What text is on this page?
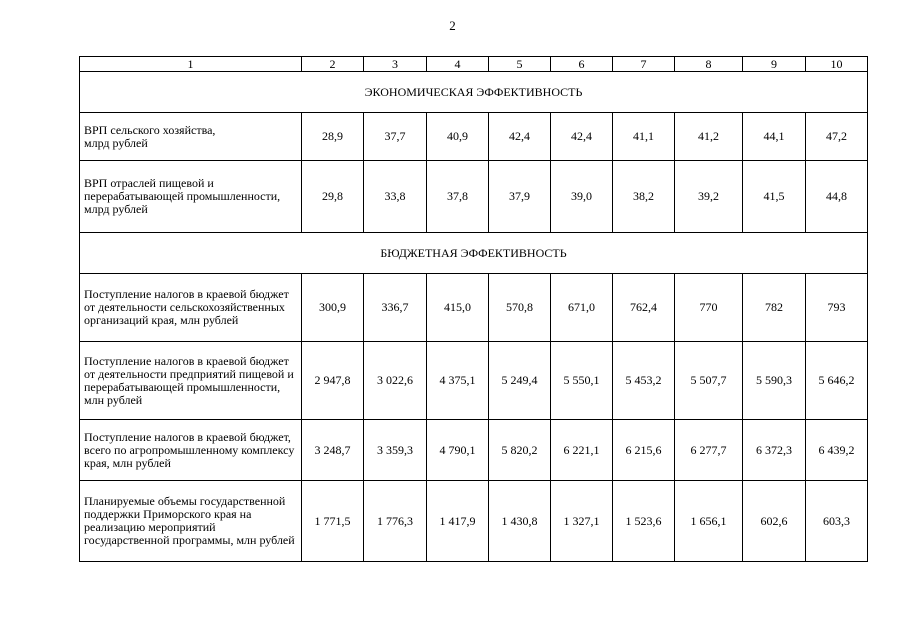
2
1	2	3	4	5	6	7	8	9	10
ЭКОНОМИЧЕСКАЯ ЭФФЕКТИВНОСТЬ									
ВРП сельского хозяйства,
млрд рублей	28,9	37,7	40,9	42,4	42,4	41,1	41,2	44,1	47,2
ВРП отраслей пищевой и перерабатывающей промышленности, млрд рублей	29,8	33,8	37,8	37,9	39,0	38,2	39,2	41,5	44,8
БЮДЖЕТНАЯ ЭФФЕКТИВНОСТЬ									
Поступление налогов в краевой бюджет от деятельности сельскохозяйственных организаций края, млн рублей	300,9	336,7	415,0	570,8	671,0	762,4	770	782	793
Поступление налогов в краевой бюджет от деятельности предприятий пищевой и перерабатывающей промышленности, млн рублей	2 947,8	3 022,6	4 375,1	5 249,4	5 550,1	5 453,2	5 507,7	5 590,3	5 646,2
Поступление налогов в краевой бюджет, всего по агропромышленному комплексу края, млн рублей	3 248,7	3 359,3	4 790,1	5 820,2	6 221,1	6 215,6	6 277,7	6 372,3	6 439,2
Планируемые объемы государственной поддержки Приморского края на реализацию мероприятий государственной программы, млн рублей	1 771,5	1 776,3	1 417,9	1 430,8	1 327,1	1 523,6	1 656,1	602,6	603,3
